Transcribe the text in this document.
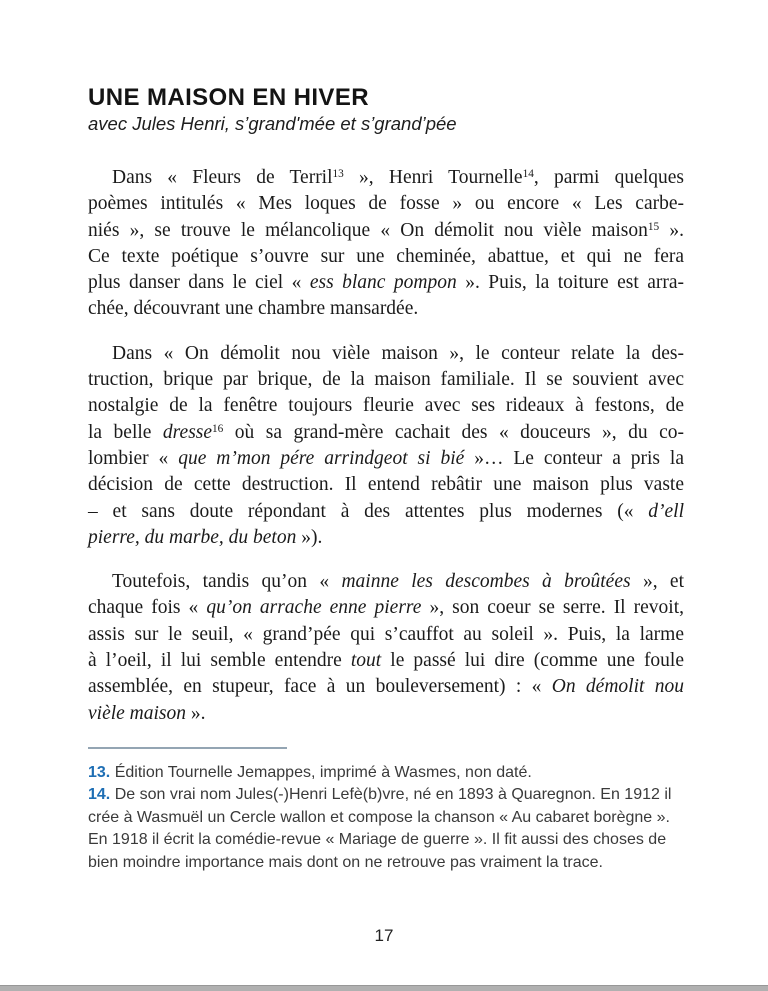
UNE MAISON EN HIVER
avec Jules Henri, s’grand'mée et s’grand’pée
Dans « Fleurs de Terril$^{13}$ », Henri Tournelle$^{14}$, parmi quelques
poèmes intitulés « Mes loques de fosse » ou encore « Les carbe-
niés », se trouve le mélancolique « On démolit nou vièle maison$^{15}$ ».
Ce texte poétique s’ouvre sur une cheminée, abattue, et qui ne fera
plus danser dans le ciel « ess blanc pompon ». Puis, la toiture est arra-
chée, découvrant une chambre mansardée.
Dans « On démolit nou vièle maison », le conteur relate la des-
truction, brique par brique, de la maison familiale. Il se souvient avec
nostalgie de la fenêtre toujours fleurie avec ses rideaux à festons, de
la belle dresse$^{16}$ où sa grand-mère cachait des « douceurs », du co-
lombier « que m’mon pére arrindgeot si bié »… Le conteur a pris la
décision de cette destruction. Il entend rebâtir une maison plus vaste
– et sans doute répondant à des attentes plus modernes (« d’ell
pierre, du marbe, du beton »).
Toutefois, tandis qu’on « mainne les descombes à broûtées », et
chaque fois « qu’on arrache enne pierre », son coeur se serre. Il revoit,
assis sur le seuil, « grand’pée qui s’cauffot au soleil ». Puis, la larme
à l’oeil, il lui semble entendre tout le passé lui dire (comme une foule
assemblée, en stupeur, face à un bouleversement) : « On démolit nou
vièle maison ».
13. Édition Tournelle Jemappes, imprimé à Wasmes, non daté.
14. De son vrai nom Jules(-)Henri Lefè(b)vre, né en 1893 à Quaregnon. En 1912 il crée à Wasmuël un Cercle wallon et compose la chanson « Au cabaret borègne ». En 1918 il écrit la comédie-revue « Mariage de guerre ». Il fit aussi des choses de bien moindre importance mais dont on ne retrouve pas vraiment la trace.
17
